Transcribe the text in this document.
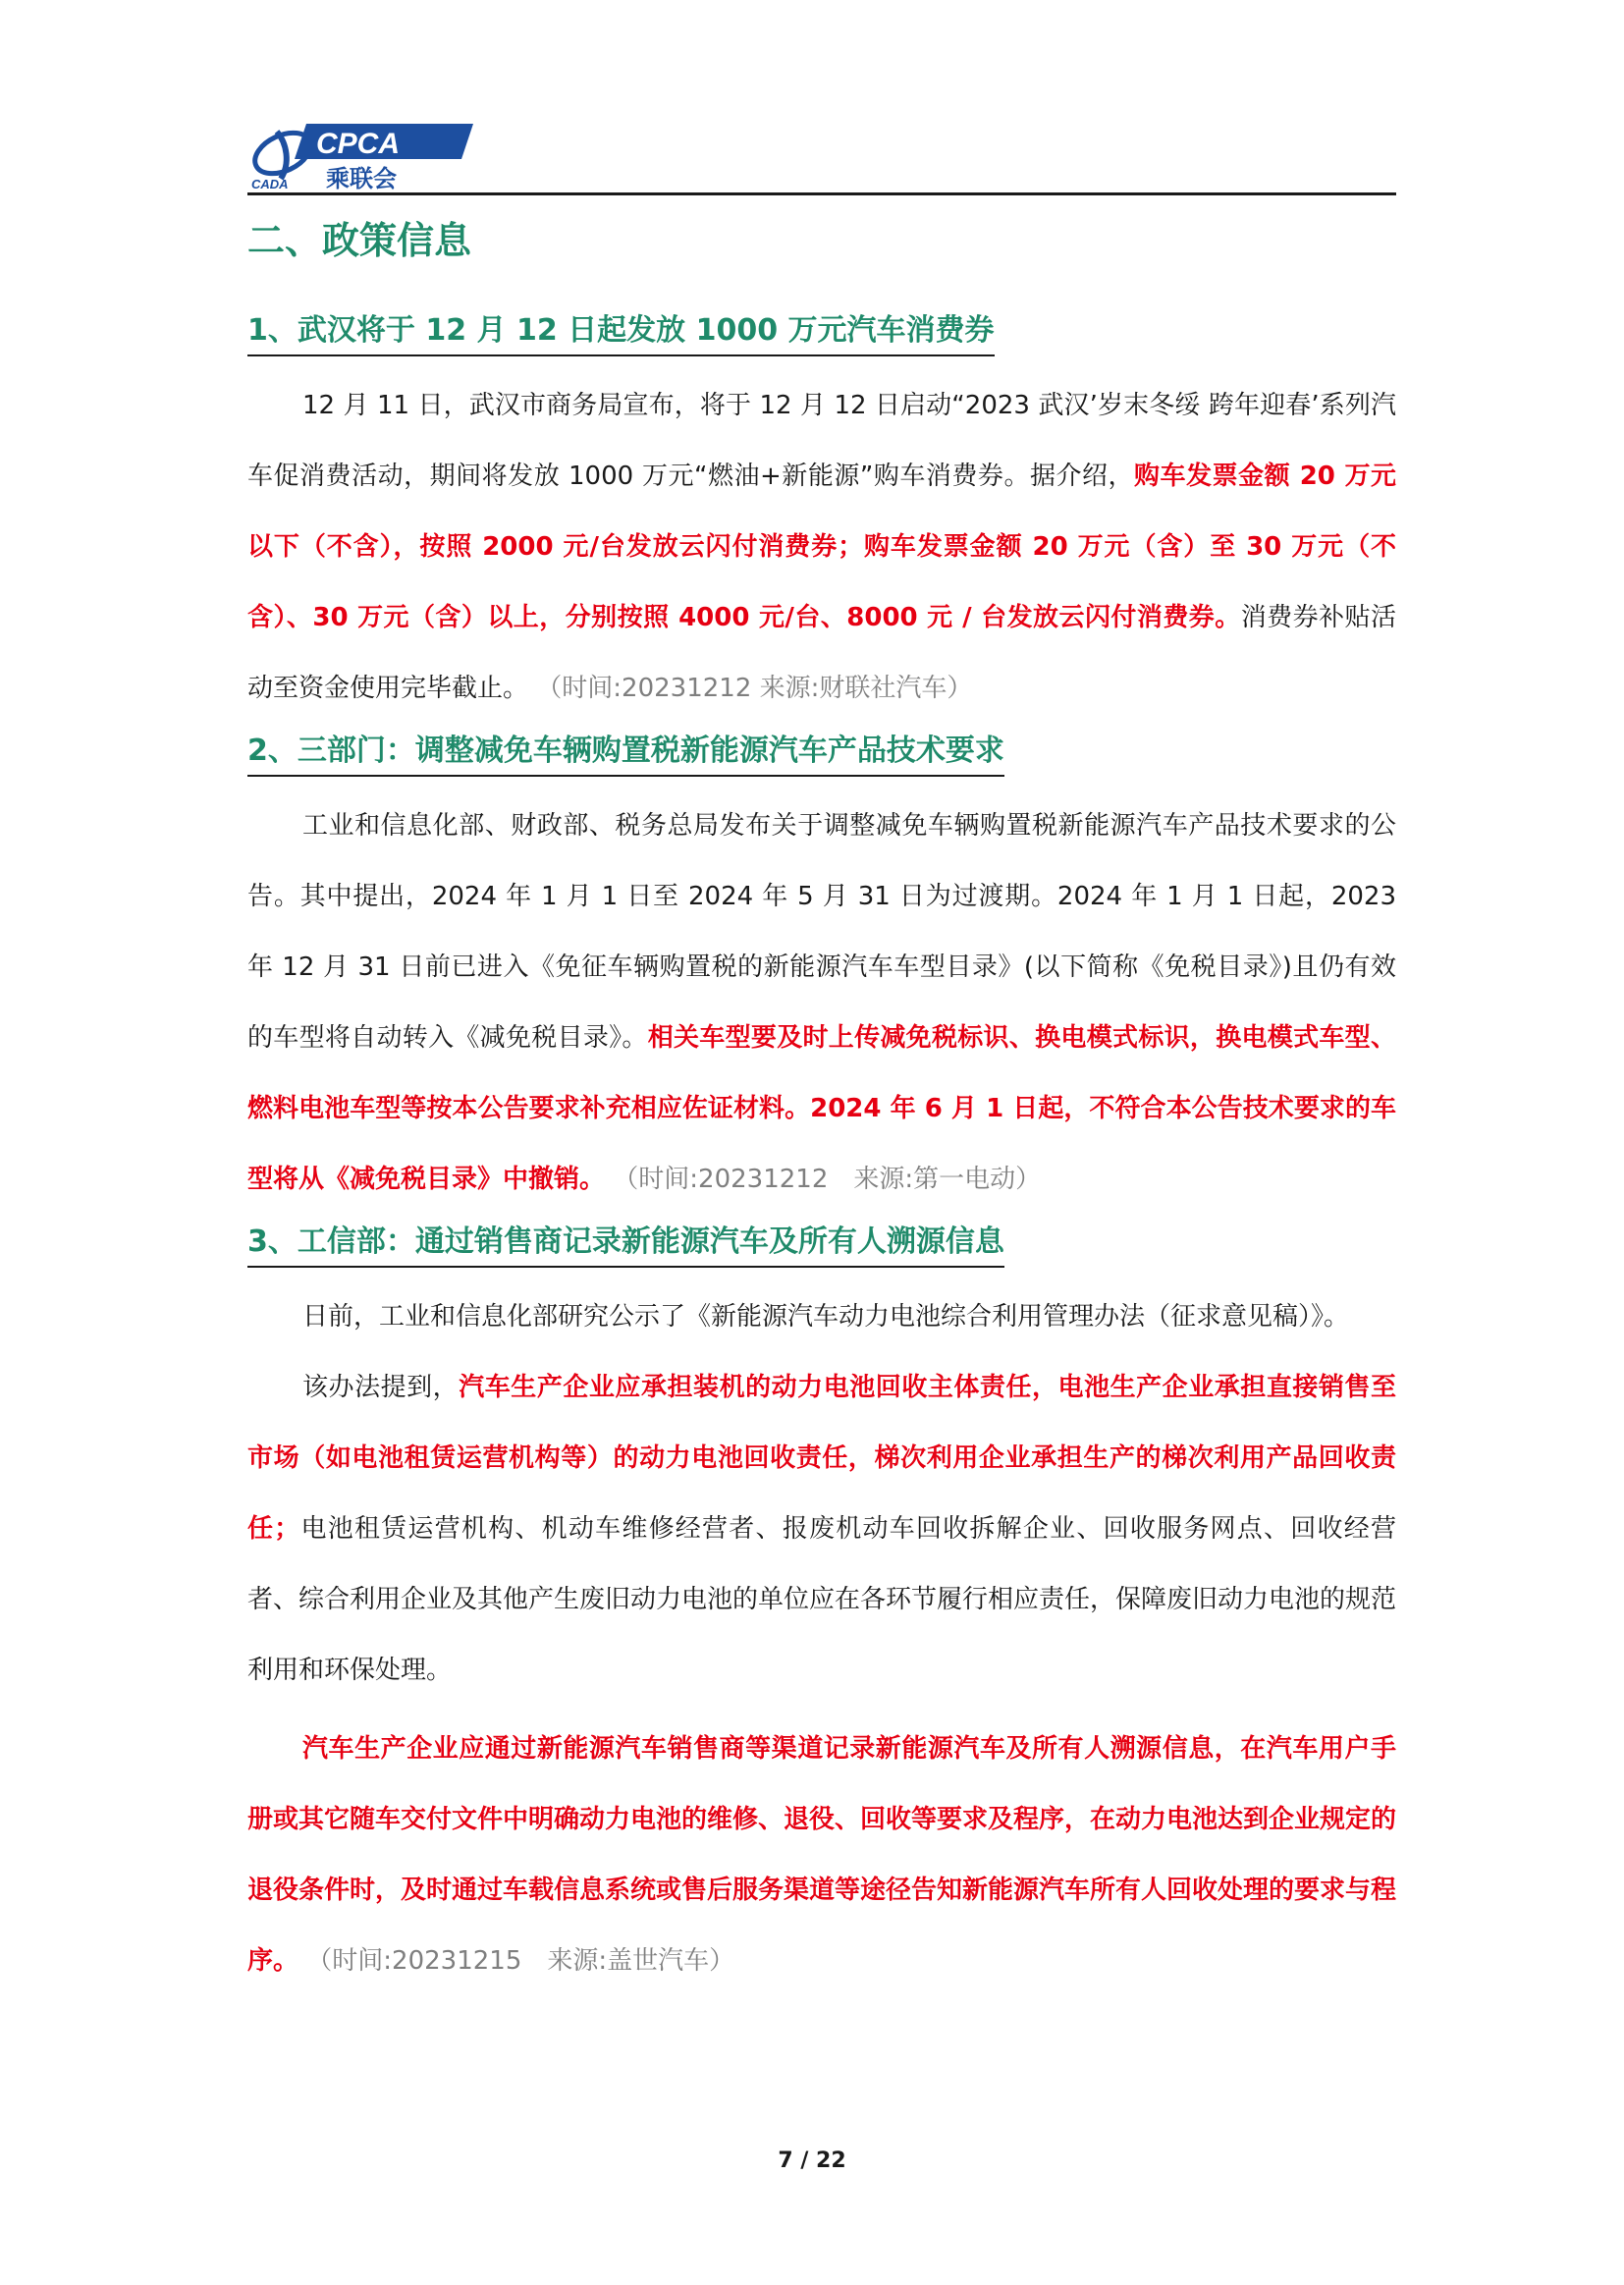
CPCA
乘联会
CADA
二、政策信息
1、武汉将于 12 月 12 日起发放 1000 万元汽车消费券

12 月 11 日，武汉市商务局宣布，将于 12 月 12 日启动“2023 武汉’岁末冬绥 跨年迎春’系列汽车促消费活动，期间将发放 1000 万元“燃油+新能源”购车消费券。据介绍，购车发票金额 20 万元以下（不含），按照 2000 元/台发放云闪付消费券；购车发票金额 20 万元（含）至 30 万元（不含）、30 万元（含）以上，分别按照 4000 元/台、8000 元 / 台发放云闪付消费券。消费券补贴活动至资金使用完毕截止。 （时间:20231212 来源:财联社汽车）

2、三部门：调整减免车辆购置税新能源汽车产品技术要求

工业和信息化部、财政部、税务总局发布关于调整减免车辆购置税新能源汽车产品技术要求的公告。其中提出，2024 年 1 月 1 日至 2024 年 5 月 31 日为过渡期。2024 年 1 月 1 日起，2023 年 12 月 31 日前已进入《免征车辆购置税的新能源汽车车型目录》(以下简称《免税目录》)且仍有效的车型将自动转入《减免税目录》。相关车型要及时上传减免税标识、换电模式标识，换电模式车型、燃料电池车型等按本公告要求补充相应佐证材料。2024 年 6 月 1 日起，不符合本公告技术要求的车型将从《减免税目录》中撤销。 （时间:20231212　来源:第一电动）

3、工信部：通过销售商记录新能源汽车及所有人溯源信息

日前，工业和信息化部研究公示了《新能源汽车动力电池综合利用管理办法（征求意见稿）》。

该办法提到，汽车生产企业应承担装机的动力电池回收主体责任，电池生产企业承担直接销售至市场（如电池租赁运营机构等）的动力电池回收责任，梯次利用企业承担生产的梯次利用产品回收责任；电池租赁运营机构、机动车维修经营者、报废机动车回收拆解企业、回收服务网点、回收经营者、综合利用企业及其他产生废旧动力电池的单位应在各环节履行相应责任，保障废旧动力电池的规范利用和环保处理。

汽车生产企业应通过新能源汽车销售商等渠道记录新能源汽车及所有人溯源信息，在汽车用户手册或其它随车交付文件中明确动力电池的维修、退役、回收等要求及程序，在动力电池达到企业规定的退役条件时，及时通过车载信息系统或售后服务渠道等途径告知新能源汽车所有人回收处理的要求与程序。 （时间:20231215　来源:盖世汽车）

7 / 22
